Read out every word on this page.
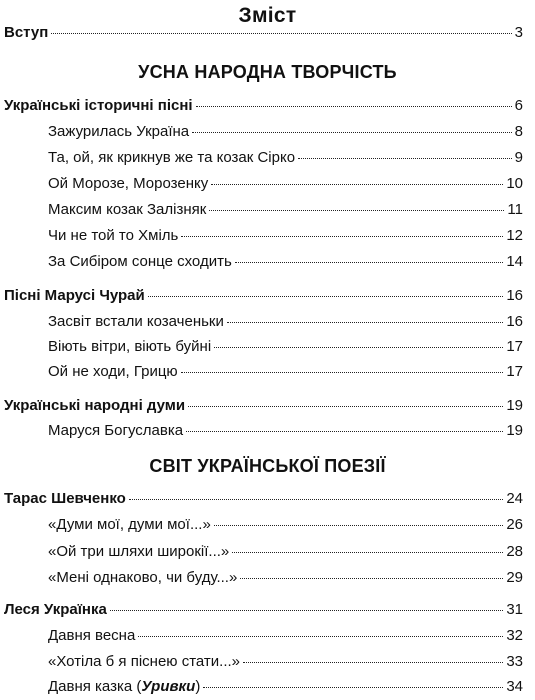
Зміст
Вступ	3
УСНА НАРОДНА ТВОРЧІСТЬ
Українські історичні пісні	6
Зажурилась Україна	8
Та, ой, як крикнув же та козак Сірко	9
Ой Морозе, Морозенку	10
Максим козак Залізняк	11
Чи не той то Хміль	12
За Сибіром сонце сходить	14
Пісні Марусі Чурай	16
Засвіт встали козаченьки	16
Віють вітри, віють буйні	17
Ой не ходи, Грицю	17
Українські народні думи	19
Маруся Богуславка	19
СВІТ УКРАЇНСЬКОЇ ПОЕЗІЇ
Тарас Шевченко	24
«Думи мої, думи мої...»	26
«Ой три шляхи широкії...»	28
«Мені однаково, чи буду...»	29
Леся Українка	31
Давня весна	32
«Хотіла б я піснею стати...»	33
Давня казка (Уривки)	34
